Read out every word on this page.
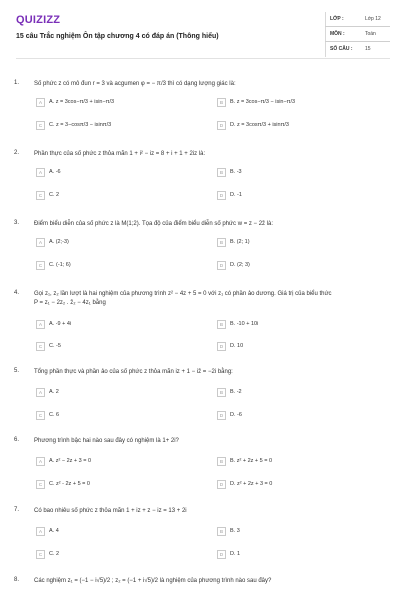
QUIZIZZ
15 câu Trắc nghiệm Ôn tập chương 4 có đáp án (Thông hiểu)
LỚP :	Lớp 12
MÔN :	Toán
SỐ CÂU :	15
1. Số phức z có mô đun r = 3 và acgumen φ = − π/3 thì có dạng lượng giác là:
A	A. z = 3cos−π/3 + isin−π/3	B	B. z = 3cos−π/3 − isin−π/3
C	C. z = 3−cosπ/3 − isinπ/3	D	D. z = 3cosπ/3 + isinπ/3
2. Phần thực của số phức z thỏa mãn 1 + i² − iz = 8 + i + 1 + 2iz là:
A	A. -6	B	B. -3
C	C. 2	D	D. -1
3. Điểm biểu diễn của số phức z là M(1;2). Tọa độ của điểm biểu diễn số phức w = z − 2z̄ là:
A	A. (2;-3)	B	B. (2; 1)
C	C. (-1; 6)	D	D. (2; 3)
4. Gọi z₁, z₂ lần lượt là hai nghiệm của phương trình z² − 4z + 5 = 0 với z₁ có phần ảo dương. Giá trị của biểu thức
P = z₁ − 2z₂ . z̄₂ − 4z₁ bằng
A	A. -9 + 4i	B	B. -10 + 10i
C	C. -5	D	D. 10
5. Tổng phần thực và phần ảo của số phức z thỏa mãn iz + 1 − iz̄ = −2i bằng:
A	A. 2	B	B. -2
C	C. 6	D	D. -6
6. Phương trình bậc hai nào sau đây có nghiệm là 1+ 2i?
A	A. z² − 2z + 3 = 0	B	B. z² + 2z + 5 = 0
C	C. z² - 2z + 5 = 0	D	D. z² + 2z + 3 = 0
7. Có bao nhiêu số phức z thỏa mãn 1 + iz + z − iz = 13 + 2i
A	A. 4	B	B. 3
C	C. 2	D	D. 1
8. Các nghiệm z₁ = (−1 − i√5)/2 ; z₂ = (−1 + i√5)/2 là nghiệm của phương trình nào sau đây?
